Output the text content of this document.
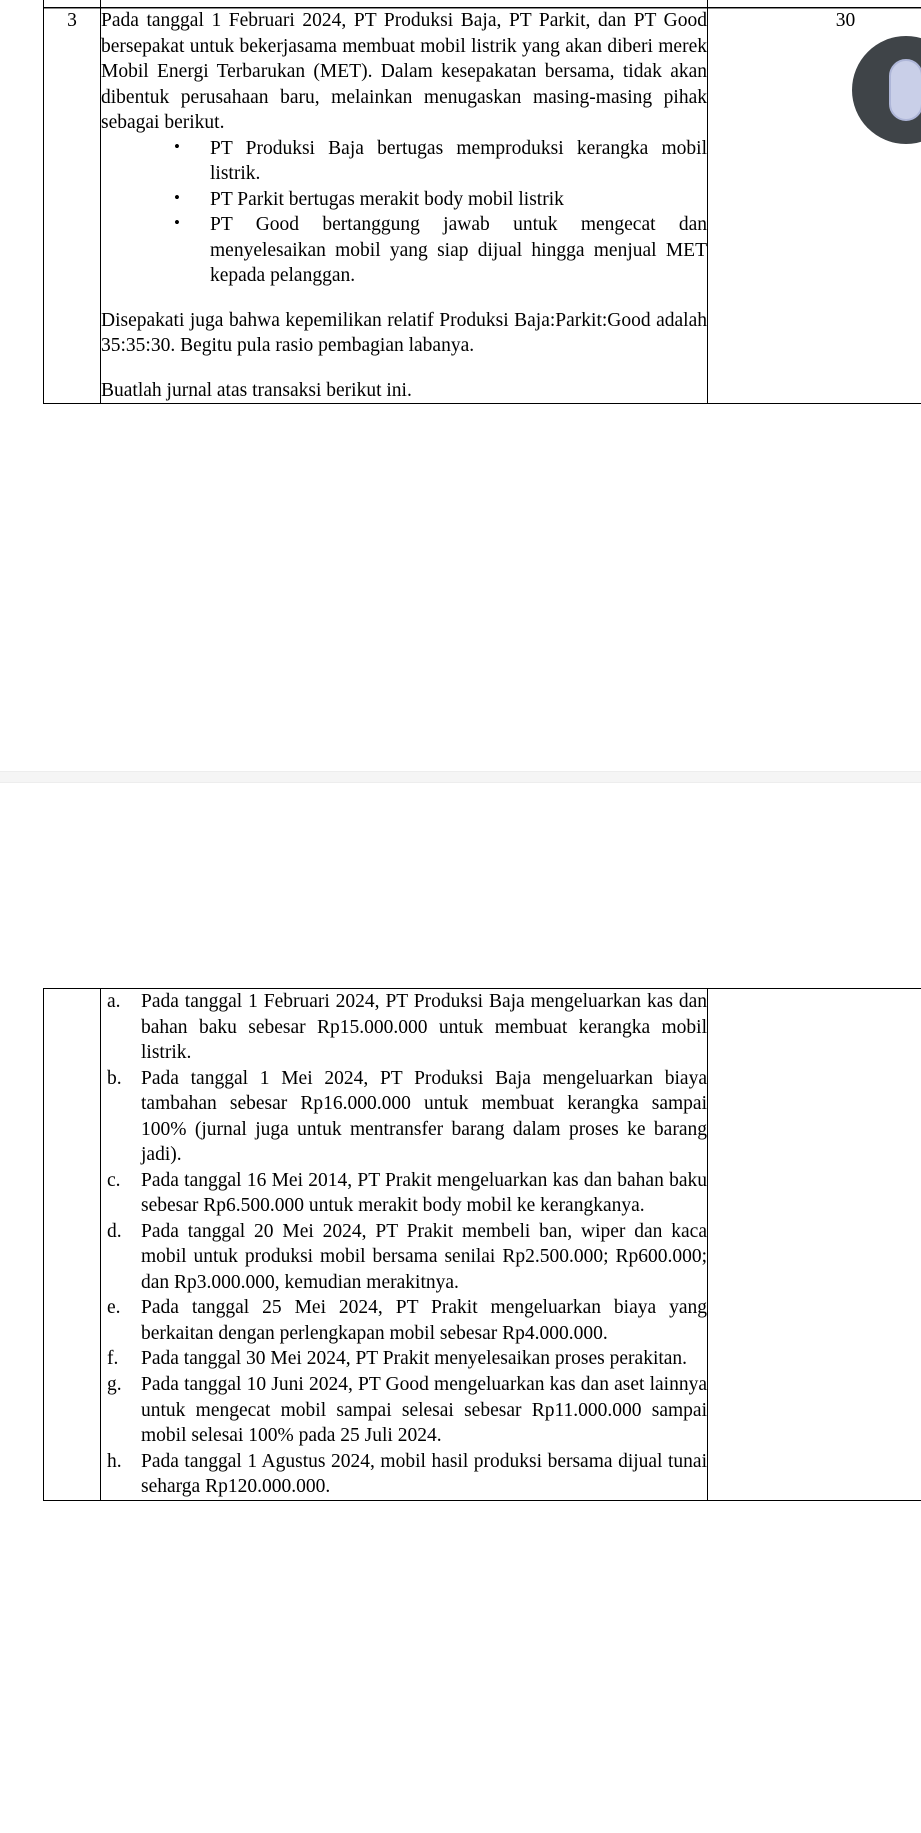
3	Pada tanggal 1 Februari 2024, PT Produksi Baja, PT Parkit, dan PT Good bersepakat untuk bekerjasama membuat mobil listrik yang akan diberi merek Mobil Energi Terbarukan (MET). Dalam kesepakatan bersama, tidak akan dibentuk perusahaan baru, melainkan menugaskan masing-masing pihak sebagai berikut.

• PT Produksi Baja bertugas memproduksi kerangka mobil listrik.
• PT Parkit bertugas merakit body mobil listrik
• PT Good bertanggung jawab untuk mengecat dan menyelesaikan mobil yang siap dijual hingga menjual MET kepada pelanggan.

Disepakati juga bahwa kepemilikan relatif Produksi Baja:Parkit:Good adalah 35:35:30. Begitu pula rasio pembagian labanya.

Buatlah jurnal atas transaksi berikut ini.

	30

a.	Pada tanggal 1 Februari 2024, PT Produksi Baja mengeluarkan kas dan bahan baku sebesar Rp15.000.000 untuk membuat kerangka mobil listrik.
b. Pada tanggal 1 Mei 2024, PT Produksi Baja mengeluarkan biaya tambahan sebesar Rp16.000.000 untuk membuat kerangka sampai 100% (jurnal juga untuk mentransfer barang dalam proses ke barang jadi).
c.	Pada tanggal 16 Mei 2014, PT Prakit mengeluarkan kas dan bahan baku sebesar Rp6.500.000 untuk merakit body mobil ke kerangkanya.
d. Pada tanggal 20 Mei 2024, PT Prakit membeli ban, wiper dan kaca mobil untuk produksi mobil bersama senilai Rp2.500.000; Rp600.000; dan Rp3.000.000, kemudian merakitnya.
e.	Pada tanggal 25 Mei 2024, PT Prakit mengeluarkan biaya yang berkaitan dengan perlengkapan mobil sebesar Rp4.000.000.
f.	Pada tanggal 30 Mei 2024, PT Prakit menyelesaikan proses perakitan.
g. Pada tanggal 10 Juni 2024, PT Good mengeluarkan kas dan aset lainnya untuk mengecat mobil sampai selesai sebesar Rp11.000.000 sampai mobil selesai 100% pada 25 Juli 2024.
h. Pada tanggal 1 Agustus 2024, mobil hasil produksi bersama dijual tunai seharga Rp120.000.000.
